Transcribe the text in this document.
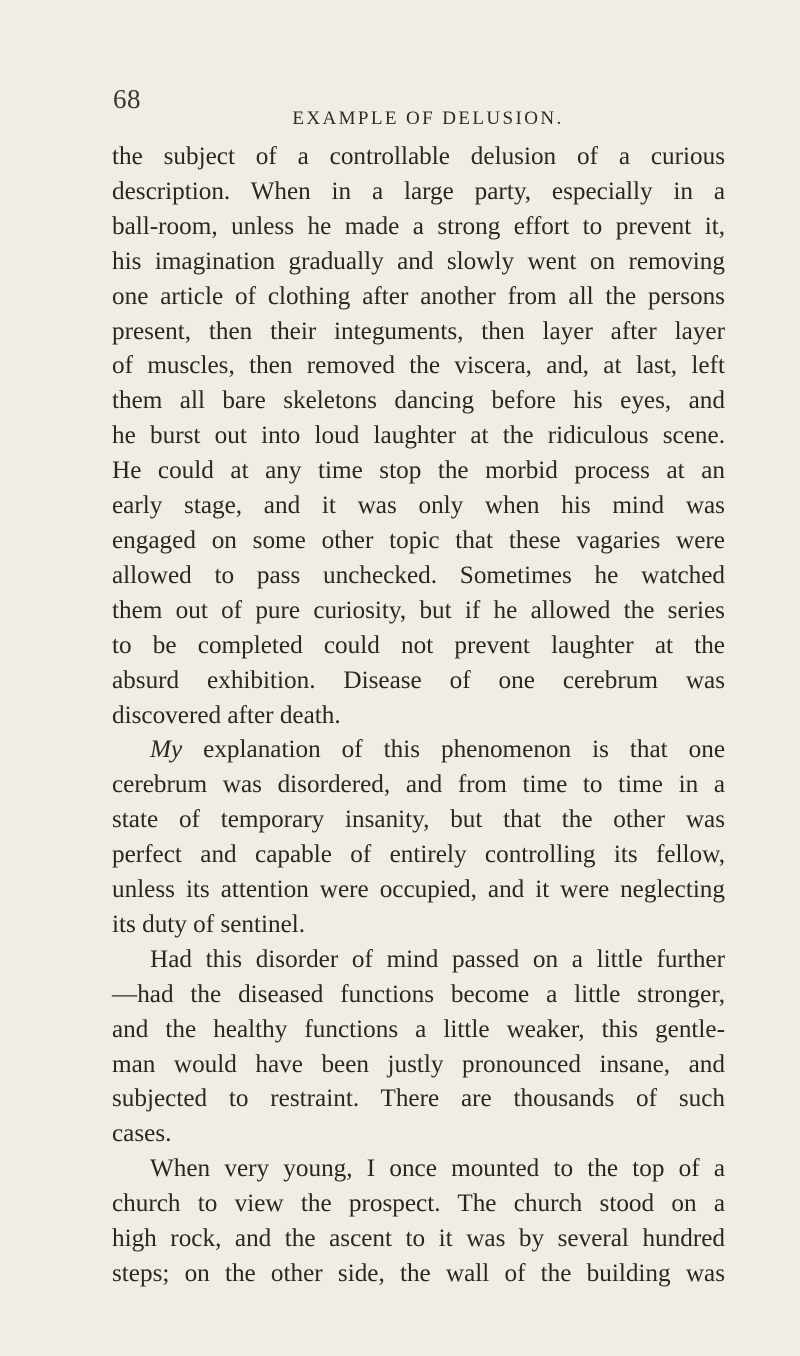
68
EXAMPLE OF DELUSION.

the subject of a controllable delusion of a curious
description. When in a large party, especially in a
ball-room, unless he made a strong effort to prevent it,
his imagination gradually and slowly went on removing
one article of clothing after another from all the persons
present, then their integuments, then layer after layer
of muscles, then removed the viscera, and, at last, left
them all bare skeletons dancing before his eyes, and
he burst out into loud laughter at the ridiculous scene.
He could at any time stop the morbid process at an
early stage, and it was only when his mind was
engaged on some other topic that these vagaries were
allowed to pass unchecked. Sometimes he watched
them out of pure curiosity, but if he allowed the series
to be completed could not prevent laughter at the
absurd exhibition. Disease of one cerebrum was
discovered after death.

My explanation of this phenomenon is that one
cerebrum was disordered, and from time to time in a
state of temporary insanity, but that the other was
perfect and capable of entirely controlling its fellow,
unless its attention were occupied, and it were neglecting
its duty of sentinel.

Had this disorder of mind passed on a little further
—had the diseased functions become a little stronger,
and the healthy functions a little weaker, this gentle-
man would have been justly pronounced insane, and
subjected to restraint. There are thousands of such
cases.

When very young, I once mounted to the top of a
church to view the prospect. The church stood on a
high rock, and the ascent to it was by several hundred
steps; on the other side, the wall of the building was
